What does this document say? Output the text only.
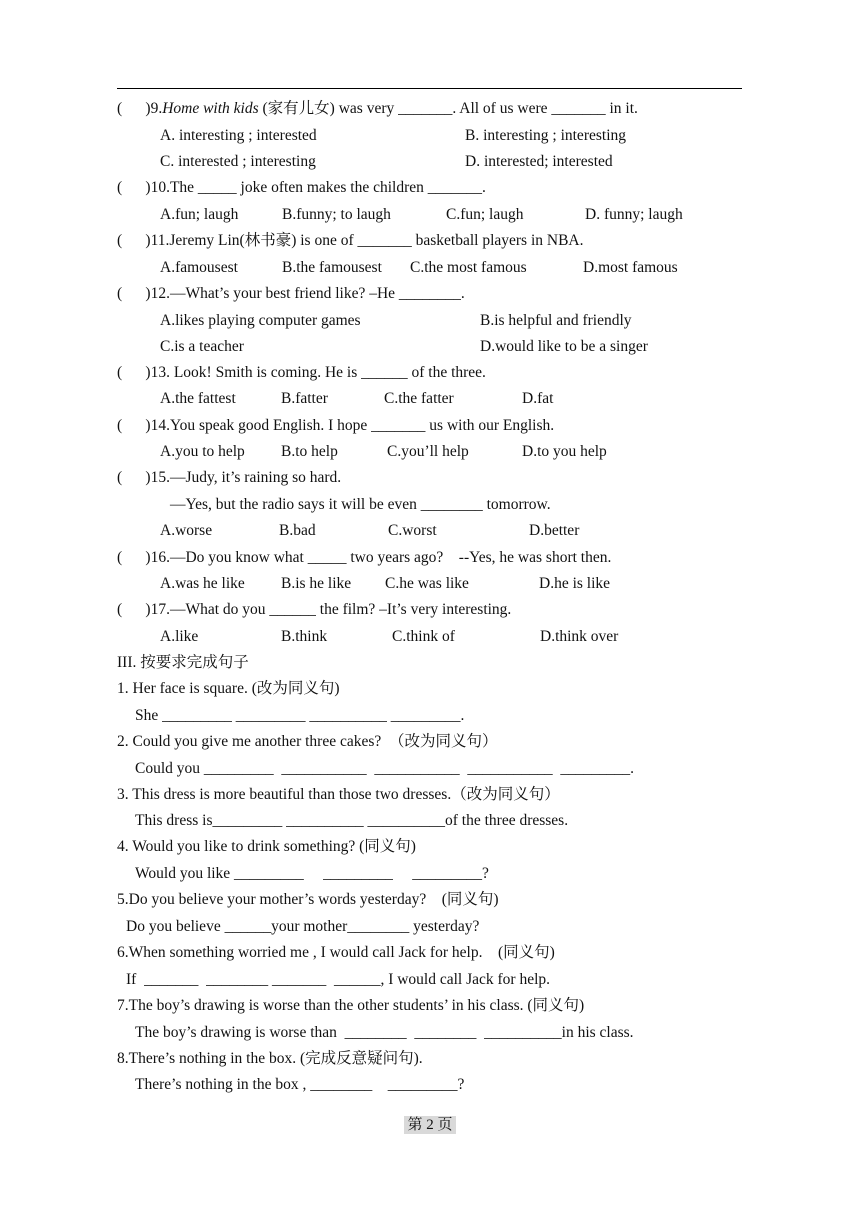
(      )9.Home with kids (家有儿女) was very _______. All of us were _______ in it.
A. interesting ; interested	B. interesting ; interesting
C. interested ; interesting	D. interested; interested
(      )10.The _____ joke often makes the children _______.
A.fun; laugh	B.funny; to laugh	C.fun; laugh	D. funny; laugh
(      )11.Jeremy Lin(林书豪) is one of _______ basketball players in NBA.
A.famousest	B.the famousest C.the most famous	D.most famous
(      )12.—What’s your best friend like? –He ________.
A.likes playing computer games	B.is helpful and friendly
C.is a teacher	D.would like to be a singer
(      )13. Look! Smith is coming. He is ______ of the three.
A.the fattest	B.fatter	C.the fatter	D.fat
(      )14.You speak good English. I hope _______ us with our English.
A.you to help B.to help	C.you’ll help	D.to you help
(      )15.—Judy, it’s raining so hard.
—Yes, but the radio says it will be even ________ tomorrow.
A.worse	B.bad	C.worst	D.better
(      )16.—Do you know what _____ two years ago?    --Yes, he was short then.
A.was he like B.is he like C.he was like	D.he is like
(      )17.—What do you ______ the film? –It’s very interesting.
A.like	B.think	C.think of	D.think over
III. 按要求完成句子
1. Her face is square. (改为同义句)
She _________ _________ __________ _________.
2. Could you give me another three cakes?  （改为同义句）
Could you _________  ___________  ___________  ___________  _________.
3. This dress is more beautiful than those two dresses.（改为同义句）
This dress is_________ __________ __________of the three dresses.
4. Would you like to drink something? (同义句)
Would you like _________     _________     _________?
5.Do you believe your mother’s words yesterday?    (同义句)
Do you believe ______your mother________ yesterday?
6.When something worried me , I would call Jack for help.    (同义句)
If  _______  ________ _______  ______, I would call Jack for help.
7.The boy’s drawing is worse than the other students’ in his class. (同义句)
The boy’s drawing is worse than  ________  ________  __________in his class.
8.There’s nothing in the box. (完成反意疑问句).
There’s nothing in the box , ________    _________?
第 2 页
